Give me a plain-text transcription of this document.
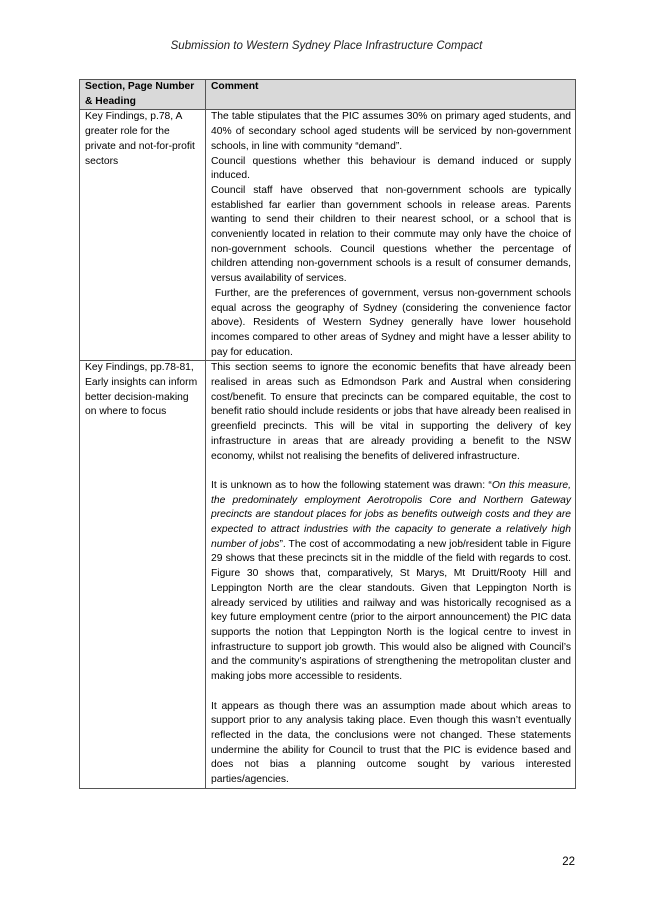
Submission to Western Sydney Place Infrastructure Compact
Section, Page Number & Heading	Comment
Key Findings, p.78, A greater role for the private and not-for-profit sectors	The table stipulates that the PIC assumes 30% on primary aged students, and 40% of secondary school aged students will be serviced by non-government schools, in line with community “demand”.

Council questions whether this behaviour is demand induced or supply induced.

Council staff have observed that non-government schools are typically established far earlier than government schools in release areas. Parents wanting to send their children to their nearest school, or a school that is conveniently located in relation to their commute may only have the choice of non-government schools. Council questions whether the percentage of children attending non-government schools is a result of consumer demands, versus availability of services.

Further, are the preferences of government, versus non-government schools equal across the geography of Sydney (considering the convenience factor above). Residents of Western Sydney generally have lower household incomes compared to other areas of Sydney and might have a lesser ability to pay for education.

Key Findings, pp.78-81, Early insights can inform better decision-making on where to focus	This section seems to ignore the economic benefits that have already been realised in areas such as Edmondson Park and Austral when considering cost/benefit. To ensure that precincts can be compared equitable, the cost to benefit ratio should include residents or jobs that have already been realised in greenfield precincts. This will be vital in supporting the delivery of key infrastructure in areas that are already providing a benefit to the NSW economy, whilst not realising the benefits of delivered infrastructure.

It is unknown as to how the following statement was drawn: “On this measure, the predominately employment Aerotropolis Core and Northern Gateway precincts are standout places for jobs as benefits outweigh costs and they are expected to attract industries with the capacity to generate a relatively high number of jobs”. The cost of accommodating a new job/resident table in Figure 29 shows that these precincts sit in the middle of the field with regards to cost. Figure 30 shows that, comparatively, St Marys, Mt Druitt/Rooty Hill and Leppington North are the clear standouts. Given that Leppington North is already serviced by utilities and railway and was historically recognised as a key future employment centre (prior to the airport announcement) the PIC data supports the notion that Leppington North is the logical centre to invest in infrastructure to support job growth. This would also be aligned with Council’s and the community’s aspirations of strengthening the metropolitan cluster and making jobs more accessible to residents.

It appears as though there was an assumption made about which areas to support prior to any analysis taking place. Even though this wasn’t eventually reflected in the data, the conclusions were not changed. These statements undermine the ability for Council to trust that the PIC is evidence based and does not bias a planning outcome sought by various interested parties/agencies.

22
